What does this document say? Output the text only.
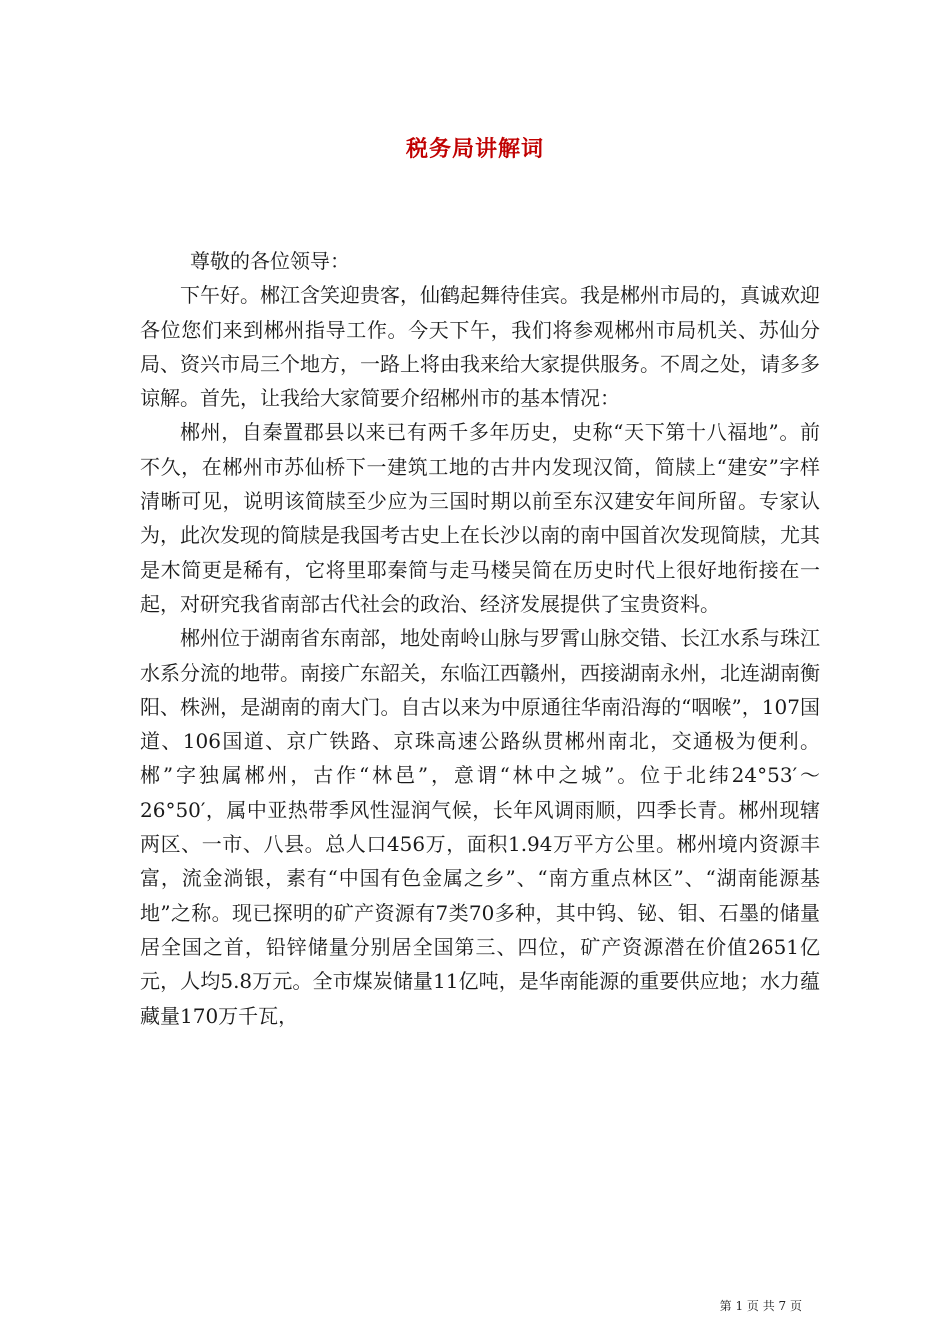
税务局讲解词

尊敬的各位领导：

下午好。郴江含笑迎贵客，仙鹤起舞待佳宾。我是郴州市局的，真诚欢迎各位您们来到郴州指导工作。今天下午，我们将参观郴州市局机关、苏仙分局、资兴市局三个地方，一路上将由我来给大家提供服务。不周之处，请多多谅解。首先，让我给大家简要介绍郴州市的基本情况：

郴州，自秦置郡县以来已有两千多年历史，史称“天下第十八福地”。前不久，在郴州市苏仙桥下一建筑工地的古井内发现汉简，简牍上“建安”字样清晰可见，说明该简牍至少应为三国时期以前至东汉建安年间所留。专家认为，此次发现的简牍是我国考古史上在长沙以南的南中国首次发现简牍，尤其是木简更是稀有，它将里耶秦简与走马楼吴简在历史时代上很好地衔接在一起，对研究我省南部古代社会的政治、经济发展提供了宝贵资料。

郴州位于湖南省东南部，地处南岭山脉与罗霄山脉交错、长江水系与珠江水系分流的地带。南接广东韶关，东临江西赣州，西接湖南永州，北连湖南衡阳、株洲，是湖南的南大门。自古以来为中原通往华南沿海的“咽喉”，107国道、106国道、京广铁路、京珠高速公路纵贯郴州南北，交通极为便利。郴”字独属郴州，古作“林邑”，意谓“林中之城”。位于北纬24°53′～26°50′，属中亚热带季风性湿润气候，长年风调雨顺，四季长青。郴州现辖两区、一市、八县。总人口456万，面积1.94万平方公里。郴州境内资源丰富，流金淌银，素有“中国有色金属之乡”、“南方重点林区”、“湖南能源基地”之称。现已探明的矿产资源有7类70多种，其中钨、铋、钼、石墨的储量居全国之首，铅锌储量分别居全国第三、四位，矿产资源潜在价值2651亿元，人均5.8万元。全市煤炭储量11亿吨，是华南能源的重要供应地；水力蕴藏量170万千瓦，

第 1 页 共 7 页
